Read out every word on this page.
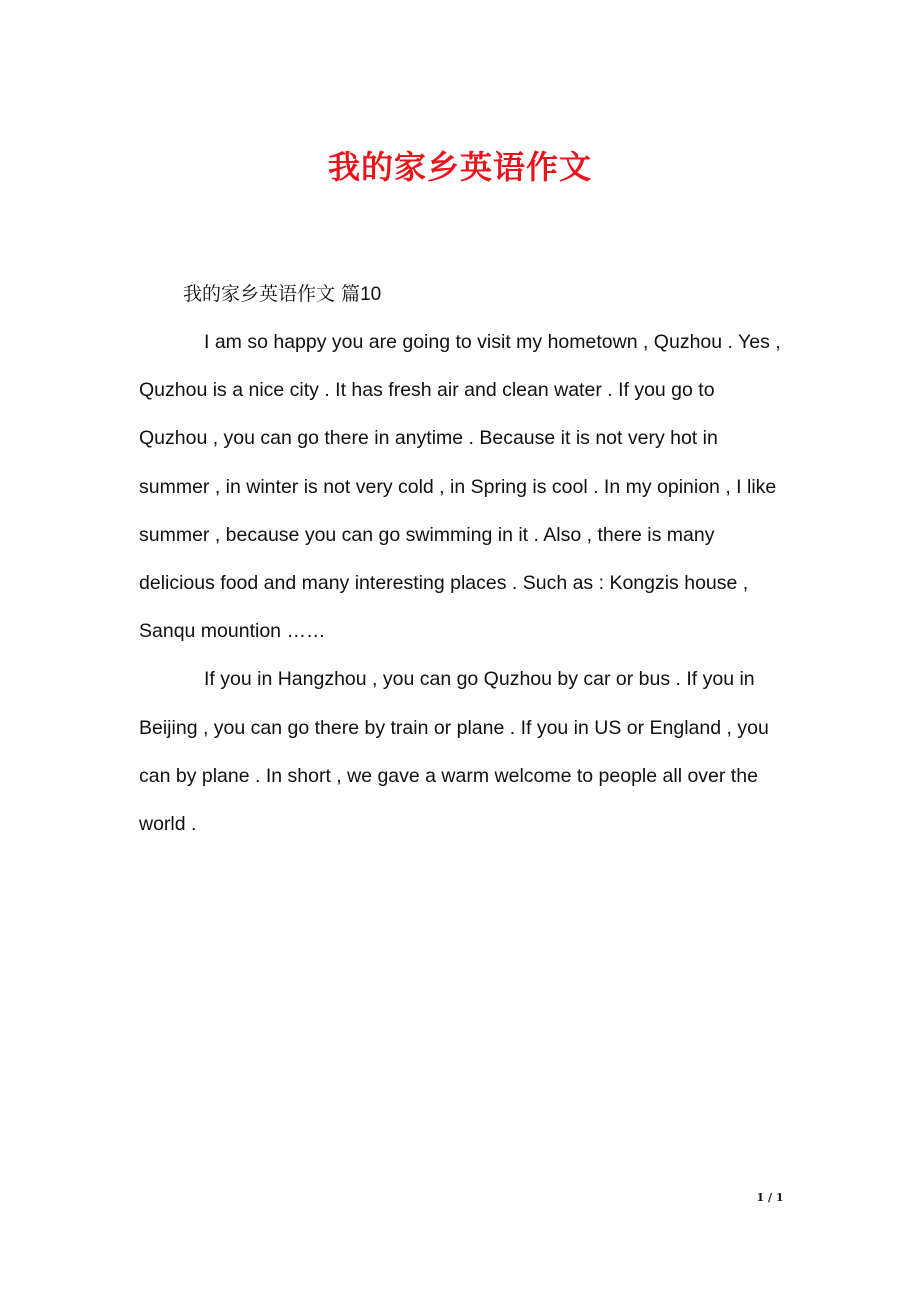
我的家乡英语作文
我的家乡英语作文 篇10

I am so happy you are going to visit my hometown , Quzhou . Yes , Quzhou is a nice city . It has fresh air and clean water . If you go to Quzhou , you can go there in anytime . Because it is not very hot in summer , in winter is not very cold , in Spring is cool . In my opinion , I like summer , because you can go swimming in it . Also , there is many delicious food and many interesting places . Such as : Kongzis house , Sanqu mountion ……

If you in Hangzhou , you can go Quzhou by car or bus . If you in Beijing , you can go there by train or plane . If you in US or England , you can by plane . In short , we gave a warm welcome to people all over the world .

1 / 1
